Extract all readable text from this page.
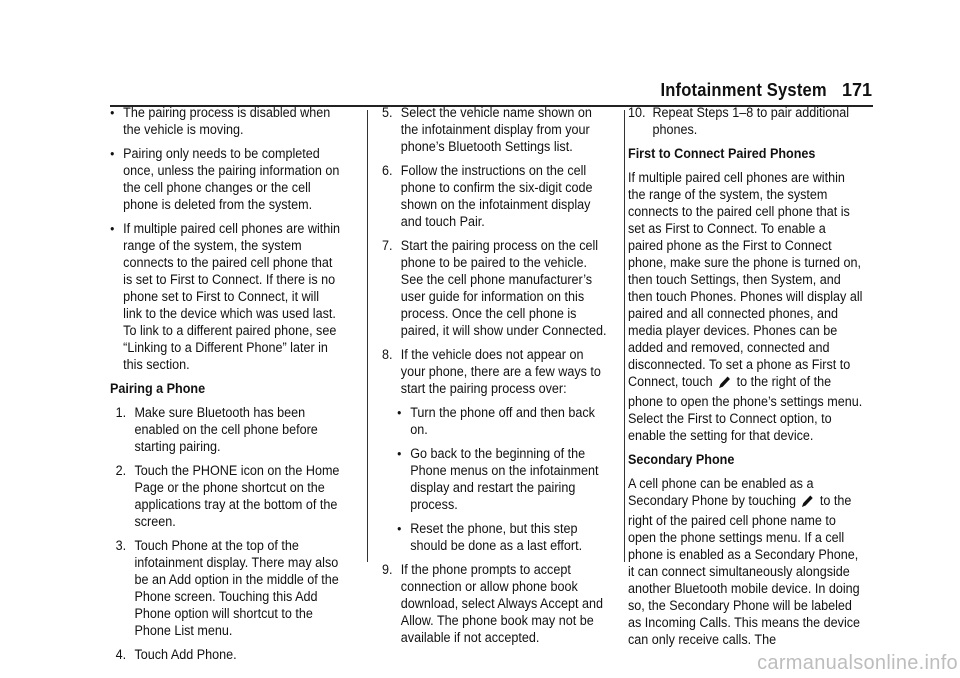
Infotainment System 171
● The pairing process is disabled when the vehicle is moving.
● Pairing only needs to be completed once, unless the pairing information on the cell phone changes or the cell phone is deleted from the system.
● If multiple paired cell phones are within range of the system, the system connects to the paired cell phone that is set to First to Connect. If there is no phone set to First to Connect, it will link to the device which was used last. To link to a different paired phone, see “Linking to a Different Phone” later in this section.
Pairing a Phone
1. Make sure Bluetooth has been enabled on the cell phone before starting pairing.
2. Touch the PHONE icon on the Home Page or the phone shortcut on the applications tray at the bottom of the screen.
3. Touch Phone at the top of the infotainment display. There may also be an Add option in the middle of the Phone screen. Touching this Add Phone option will shortcut to the Phone List menu.
4. Touch Add Phone.
5. Select the vehicle name shown on the infotainment display from your phone’s Bluetooth Settings list.
6. Follow the instructions on the cell phone to confirm the six-digit code shown on the infotainment display and touch Pair.
7. Start the pairing process on the cell phone to be paired to the vehicle. See the cell phone manufacturer’s user guide for information on this process. Once the cell phone is paired, it will show under Connected.
8. If the vehicle does not appear on your phone, there are a few ways to start the pairing process over:
● Turn the phone off and then back on.
● Go back to the beginning of the Phone menus on the infotainment display and restart the pairing process.
● Reset the phone, but this step should be done as a last effort.
9. If the phone prompts to accept connection or allow phone book download, select Always Accept and Allow. The phone book may not be available if not accepted.
10. Repeat Steps 1–8 to pair additional phones.
First to Connect Paired Phones
If multiple paired cell phones are within the range of the system, the system connects to the paired cell phone that is set as First to Connect. To enable a paired phone as the First to Connect phone, make sure the phone is turned on, then touch Settings, then System, and then touch Phones. Phones will display all paired and all connected phones, and media player devices. Phones can be added and removed, connected and disconnected. To set a phone as First to Connect, touch to the right of the phone to open the phone’s settings menu. Select the First to Connect option, to enable the setting for that device.
Secondary Phone
A cell phone can be enabled as a Secondary Phone by touching to the right of the paired cell phone name to open the phone settings menu. If a cell phone is enabled as a Secondary Phone, it can connect simultaneously alongside another Bluetooth mobile device. In doing so, the Secondary Phone will be labeled as Incoming Calls. This means the device can only receive calls. The
carmanualsonline.info
